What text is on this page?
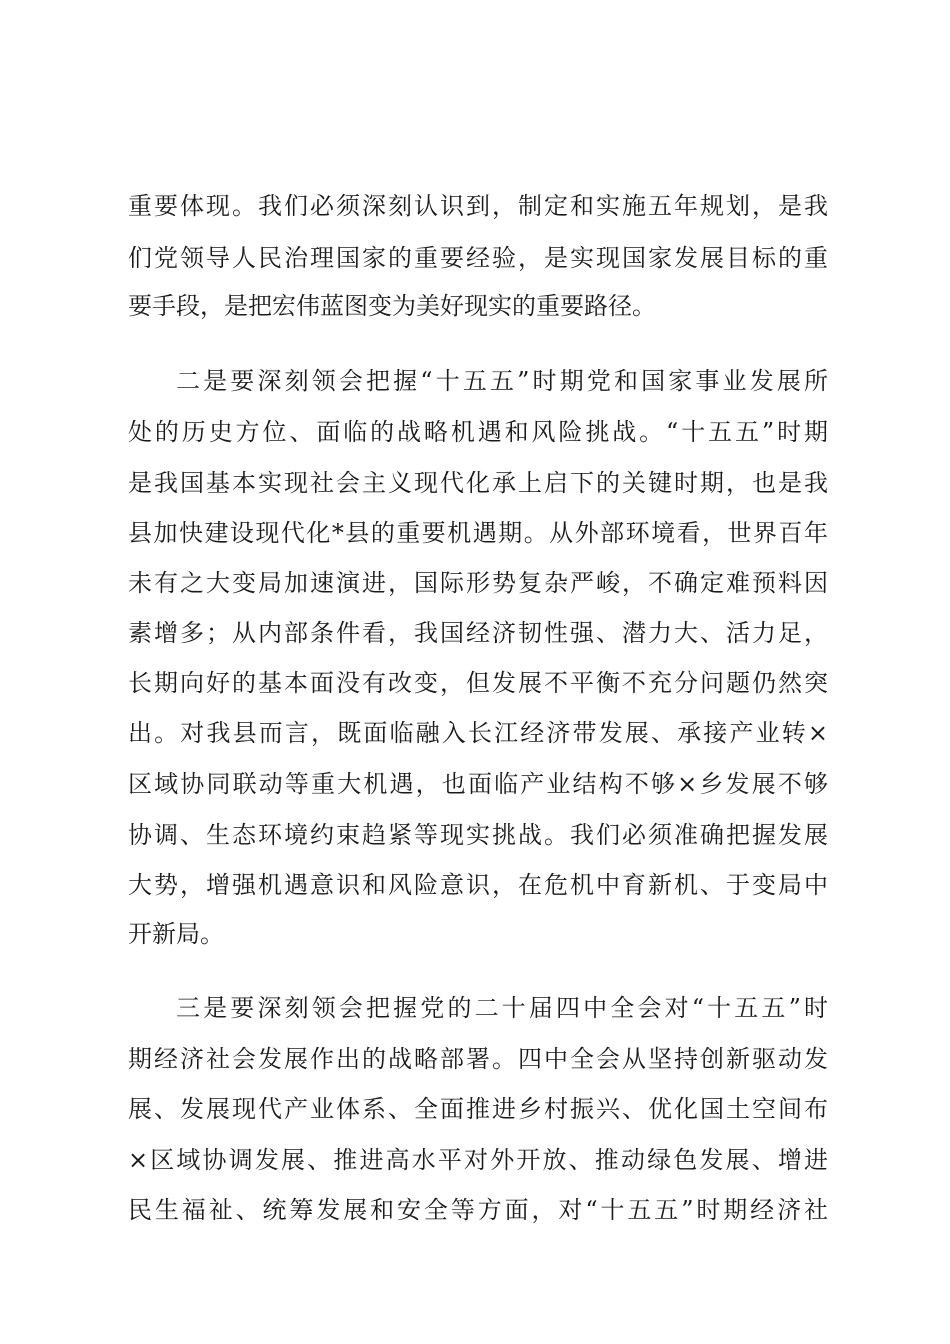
重要体现。我们必须深刻认识到，制定和实施五年规划，是我
们党领导人民治理国家的重要经验，是实现国家发展目标的重
要手段，是把宏伟蓝图变为美好现实的重要路径。
二是要深刻领会把握“十五五”时期党和国家事业发展所
处的历史方位、面临的战略机遇和风险挑战。“十五五”时期
是我国基本实现社会主义现代化承上启下的关键时期，也是我
县加快建设现代化*县的重要机遇期。从外部环境看，世界百年
未有之大变局加速演进，国际形势复杂严峻，不确定难预料因
素增多；从内部条件看，我国经济韧性强、潜力大、活力足，
长期向好的基本面没有改变，但发展不平衡不充分问题仍然突
出。对我县而言，既面临融入长江经济带发展、承接产业转×
区域协同联动等重大机遇，也面临产业结构不够×乡发展不够
协调、生态环境约束趋紧等现实挑战。我们必须准确把握发展
大势，增强机遇意识和风险意识，在危机中育新机、于变局中
开新局。
三是要深刻领会把握党的二十届四中全会对“十五五”时
期经济社会发展作出的战略部署。四中全会从坚持创新驱动发
展、发展现代产业体系、全面推进乡村振兴、优化国土空间布
×区域协调发展、推进高水平对外开放、推动绿色发展、增进
民生福祉、统筹发展和安全等方面，对“十五五”时期经济社
